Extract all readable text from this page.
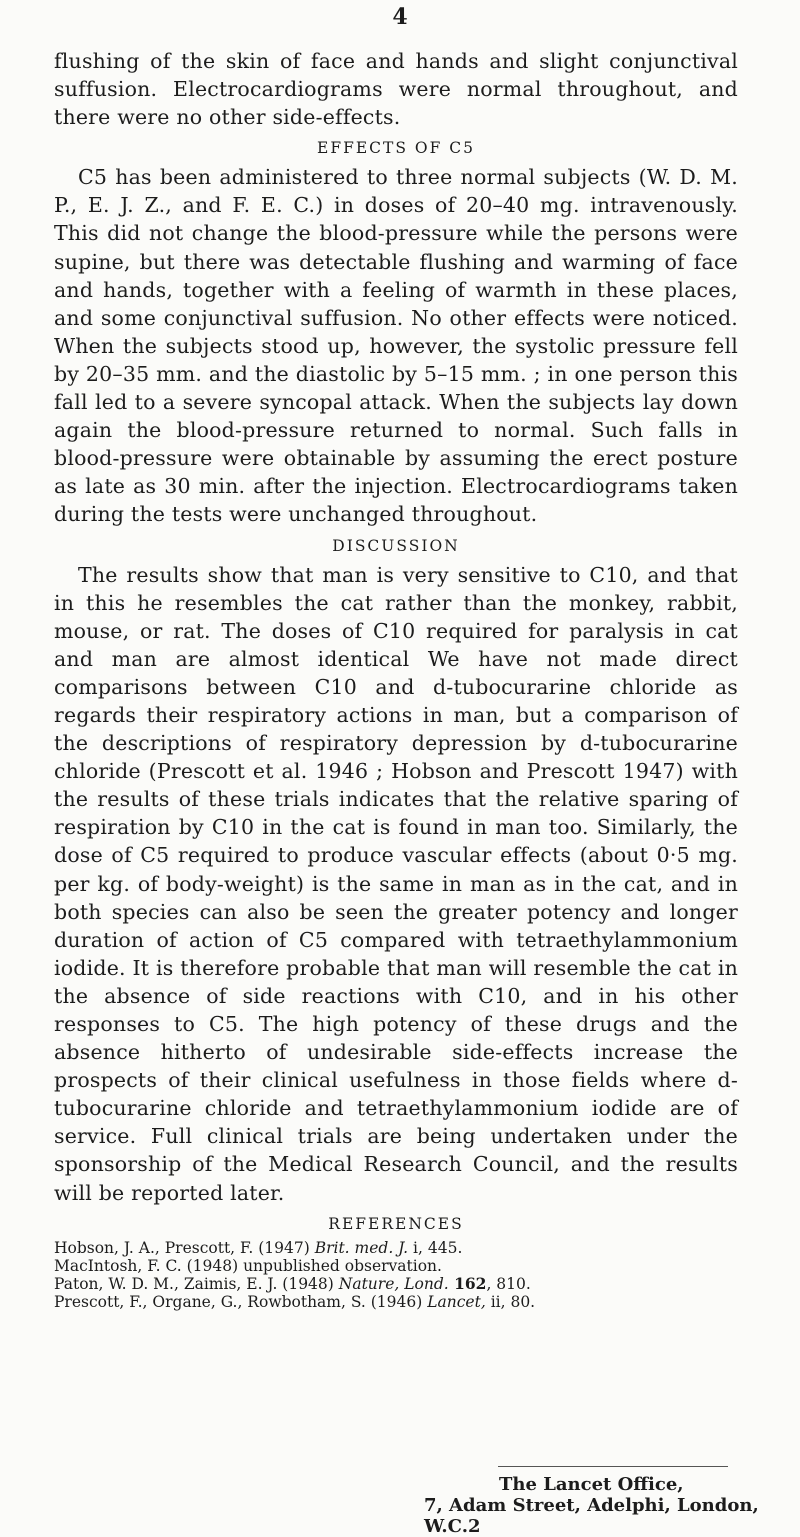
4

flushing of the skin of face and hands and slight conjunctival suffusion. Electrocardiograms were normal throughout, and there were no other side-effects.

EFFECTS OF C5

C5 has been administered to three normal subjects (W. D. M. P., E. J. Z., and F. E. C.) in doses of 20–40 mg. intravenously. This did not change the blood-pressure while the persons were supine, but there was detectable flushing and warming of face and hands, together with a feeling of warmth in these places, and some conjunctival suffusion. No other effects were noticed. When the subjects stood up, however, the systolic pressure fell by 20–35 mm. and the diastolic by 5–15 mm. ; in one person this fall led to a severe syncopal attack. When the subjects lay down again the blood-pressure returned to normal. Such falls in blood-pressure were obtainable by assuming the erect posture as late as 30 min. after the injection. Electrocardiograms taken during the tests were unchanged throughout.

DISCUSSION

The results show that man is very sensitive to C10, and that in this he resembles the cat rather than the monkey, rabbit, mouse, or rat. The doses of C10 required for paralysis in cat and man are almost identical We have not made direct comparisons between C10 and d-tubocurarine chloride as regards their respiratory actions in man, but a comparison of the descriptions of respiratory depression by d-tubocurarine chloride (Prescott et al. 1946 ; Hobson and Prescott 1947) with the results of these trials indicates that the relative sparing of respiration by C10 in the cat is found in man too. Similarly, the dose of C5 required to produce vascular effects (about 0·5 mg. per kg. of body-weight) is the same in man as in the cat, and in both species can also be seen the greater potency and longer duration of action of C5 compared with tetraethylammonium iodide. It is therefore probable that man will resemble the cat in the absence of side reactions with C10, and in his other responses to C5. The high potency of these drugs and the absence hitherto of undesirable side-effects increase the prospects of their clinical usefulness in those fields where d-tubocurarine chloride and tetraethylammonium iodide are of service. Full clinical trials are being undertaken under the sponsorship of the Medical Research Council, and the results will be reported later.

REFERENCES
Hobson, J. A., Prescott, F. (1947) Brit. med. J. i, 445.
MacIntosh, F. C. (1948) unpublished observation.
Paton, W. D. M., Zaimis, E. J. (1948) Nature, Lond. 162, 810.
Prescott, F., Organe, G., Rowbotham, S. (1946) Lancet, ii, 80.
The Lancet Office,
7, Adam Street, Adelphi, London, W.C.2
